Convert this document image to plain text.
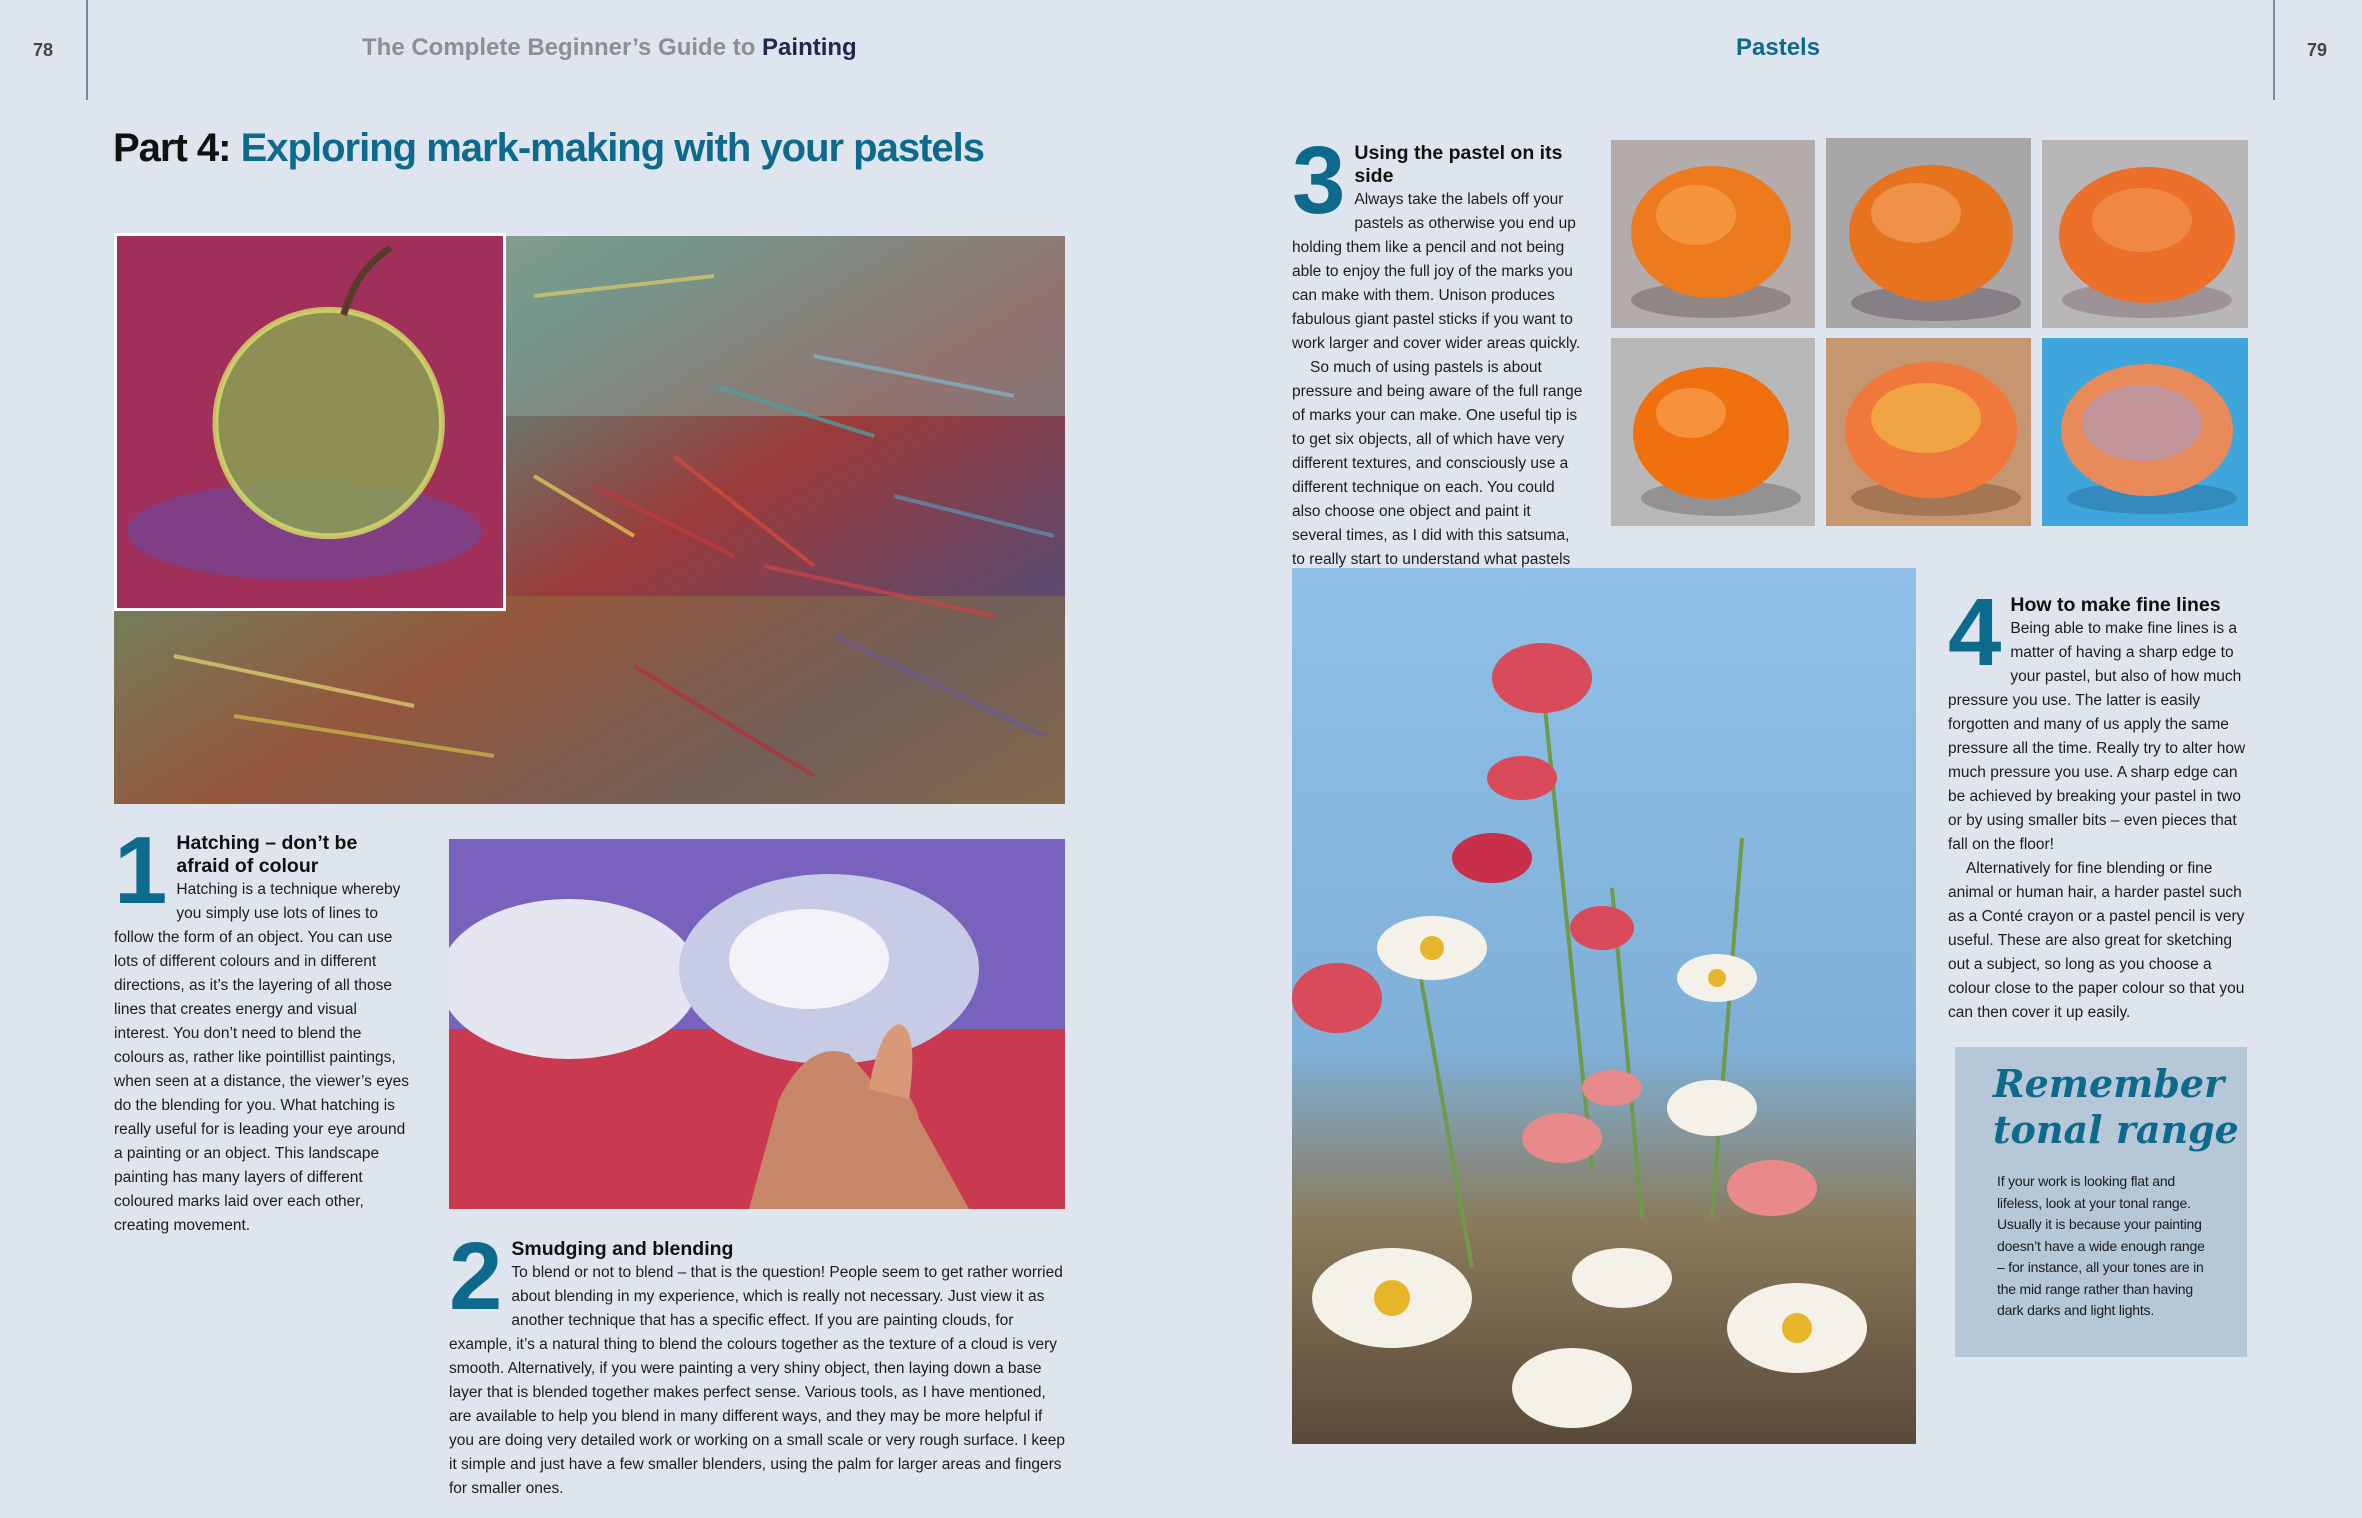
78	The Complete Beginner’s Guide to Painting	Pastels	79
Part 4: Exploring mark-making with your pastels
1 Hatching – don’t be afraid of colour

Hatching is a technique whereby you simply use lots of lines to follow the form of an object. You can use lots of different colours and in different directions, as it’s the layering of all those lines that creates energy and visual interest. You don’t need to blend the colours as, rather like pointillist paintings, when seen at a distance, the viewer’s eyes do the blending for you. What hatching is really useful for is leading your eye around a painting or an object. This landscape painting has many layers of different coloured marks laid over each other, creating movement.	2 Smudging and blending

To blend or not to blend – that is the question! People seem to get rather worried about blending in my experience, which is really not necessary. Just view it as another technique that has a specific effect. If you are painting clouds, for example, it’s a natural thing to blend the colours together as the texture of a cloud is very smooth. Alternatively, if you were painting a very shiny object, then laying down a base layer that is blended together makes perfect sense. Various tools, as I have mentioned, are available to help you blend in many different ways, and they may be more helpful if you are doing very detailed work or working on a small scale or very rough surface. I keep it simple and just have a few smaller blenders, using the palm for larger areas and fingers for smaller ones.

3 Using the pastel on its side

Always take the labels off your pastels as otherwise you end up holding them like a pencil and not being able to enjoy the full joy of the marks you can make with them. Unison produces fabulous giant pastel sticks if you want to work larger and cover wider areas quickly.

So much of using pastels is about pressure and being aware of the full range of marks your can make. One useful tip is to get six objects, all of which have very different textures, and consciously use a different technique on each. You could also choose one object and paint it several times, as I did with this satsuma, to really start to understand what pastels

4 How to make fine lines

Being able to make fine lines is a matter of having a sharp edge to your pastel, but also of how much pressure you use. The latter is easily forgotten and many of us apply the same pressure all the time. Really try to alter how much pressure you use. A sharp edge can be achieved by breaking your pastel in two or by using smaller bits – even pieces that fall on the floor!

Alternatively for fine blending or fine animal or human hair, a harder pastel such as a Conté crayon or a pastel pencil is very useful. These are also great for sketching out a subject, so long as you choose a colour close to the paper colour so that you can then cover it up easily.

Remember
tonal range
If your work is looking flat and lifeless, look at your tonal range. Usually it is because your painting doesn’t have a wide enough range – for instance, all your tones are in the mid range rather than having dark darks and light lights.
